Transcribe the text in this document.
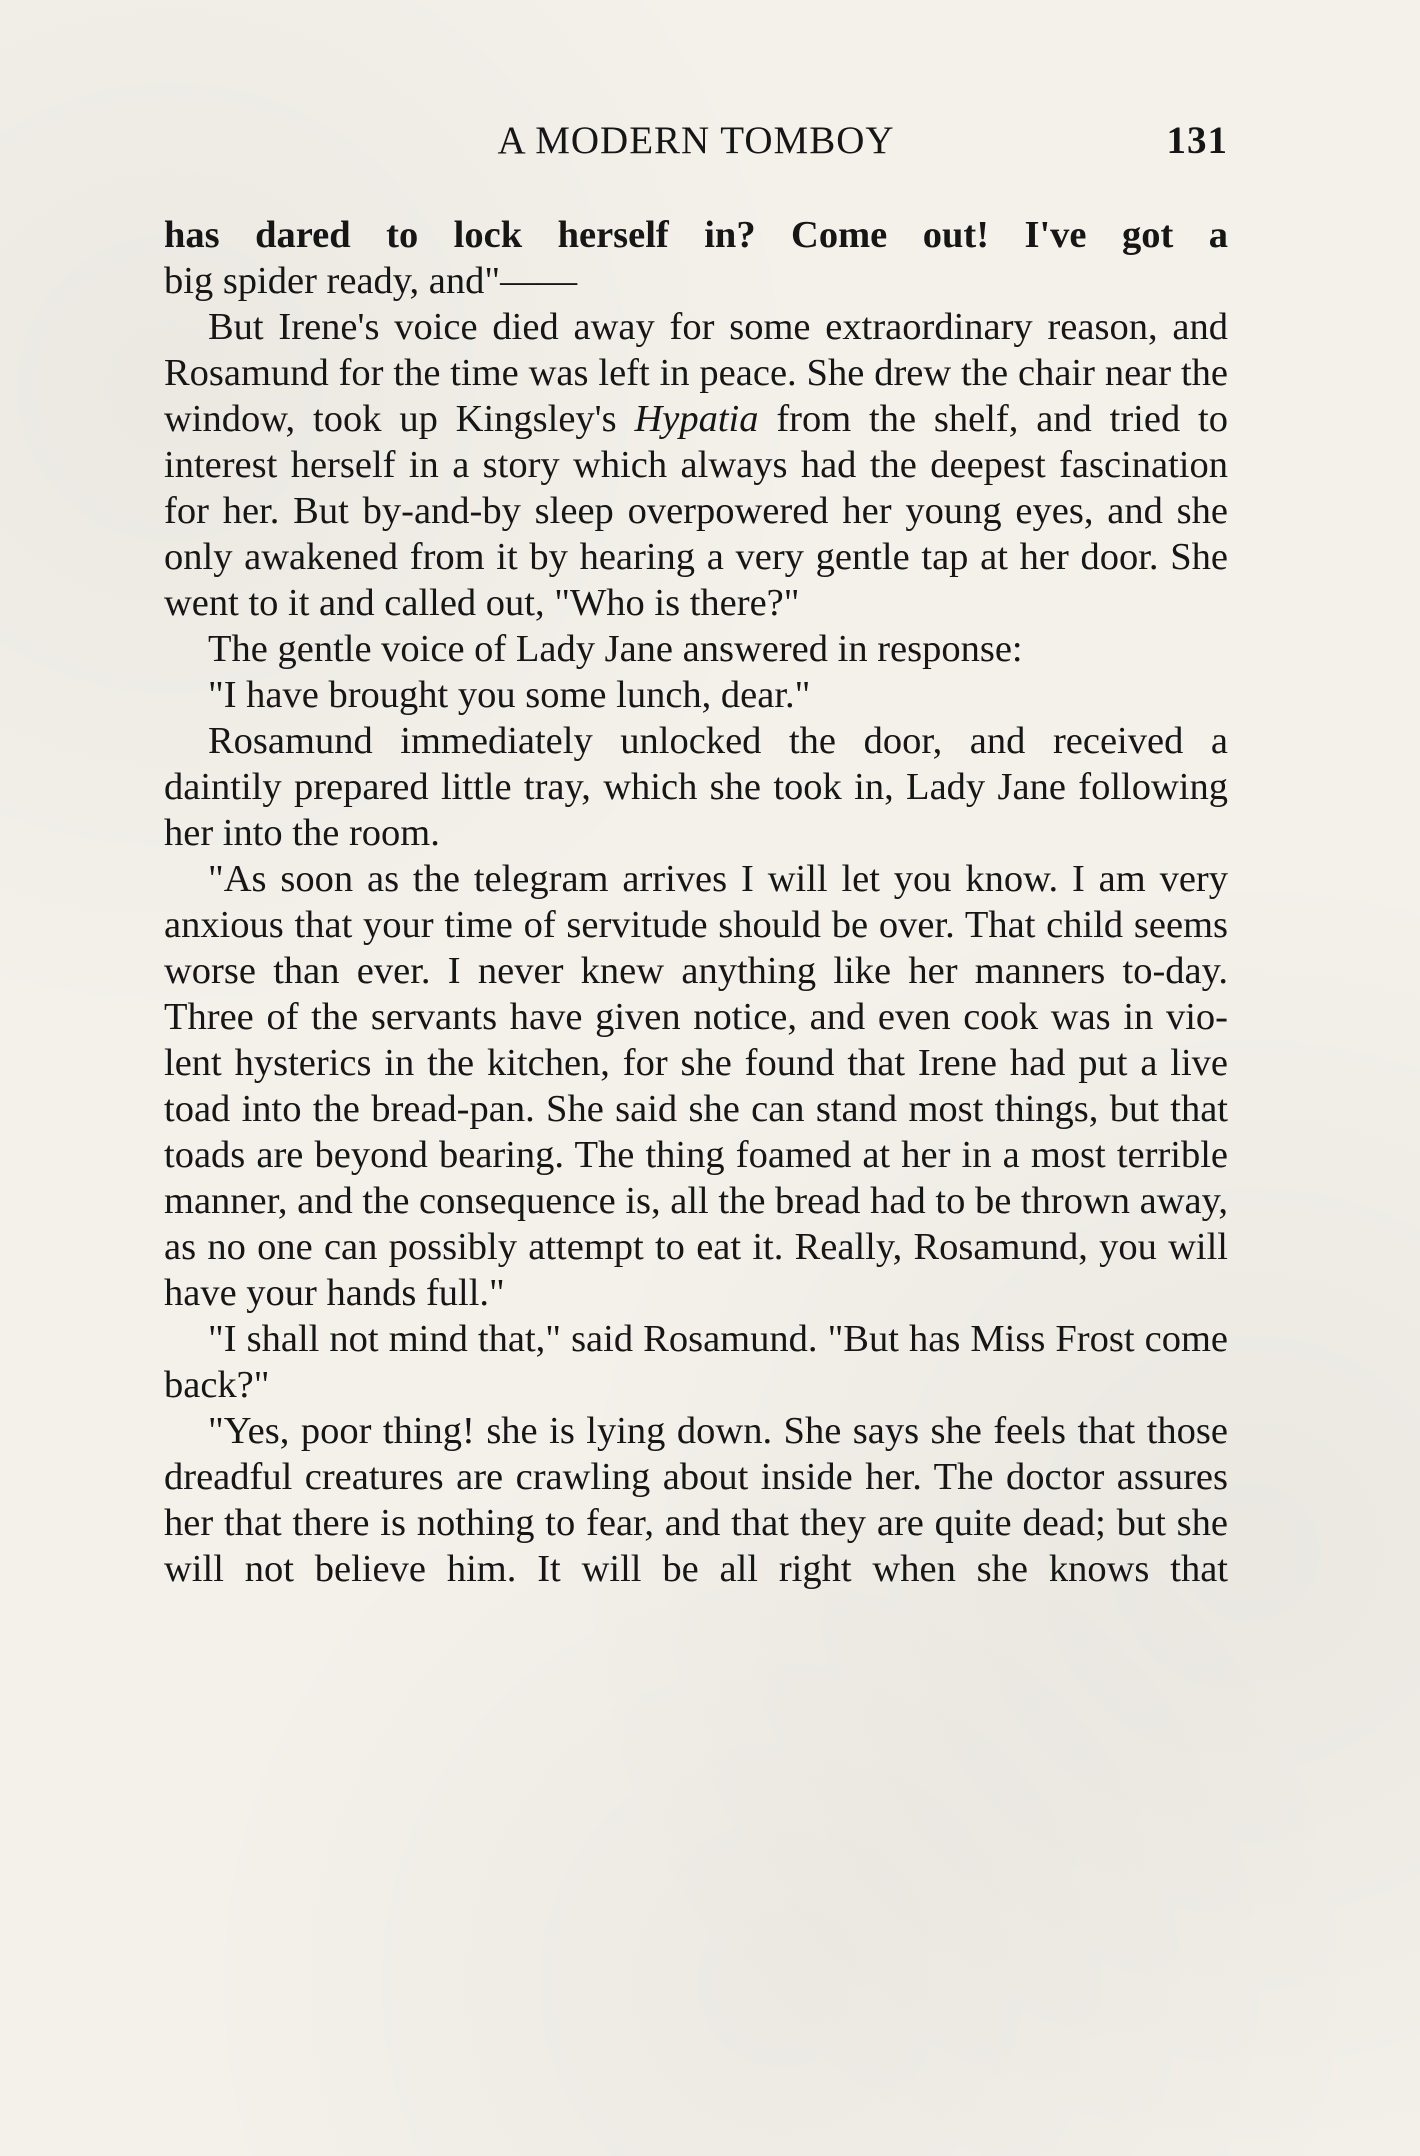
A MODERN TOMBOY	131

has dared to lock herself in? Come out! I've got a

big spider ready, and"——

But Irene's voice died away for some extraordinary reason, and Rosamund for the time was left in peace. She drew the chair near the window, took up Kingsley's Hypatia from the shelf, and tried to interest herself in a story which always had the deepest fascination for her. But by-and-by sleep overpowered her young eyes, and she only awakened from it by hearing a very gentle tap at her door. She went to it and called out, "Who is there?"

The gentle voice of Lady Jane answered in response:

"I have brought you some lunch, dear."

Rosamund immediately unlocked the door, and received a daintily prepared little tray, which she took in, Lady Jane following her into the room.

"As soon as the telegram arrives I will let you know. I am very anxious that your time of servitude should be over. That child seems worse than ever. I never knew anything like her manners to-day. Three of the servants have given notice, and even cook was in violent hysterics in the kitchen, for she found that Irene had put a live toad into the bread-pan. She said she can stand most things, but that toads are beyond bearing. The thing foamed at her in a most terrible manner, and the consequence is, all the bread had to be thrown away, as no one can possibly attempt to eat it. Really, Rosamund, you will have your hands full."

"I shall not mind that," said Rosamund. "But has Miss Frost come back?"

"Yes, poor thing! she is lying down. She says she feels that those dreadful creatures are crawling about inside her. The doctor assures her that there is nothing to fear, and that they are quite dead; but she will not believe him. It will be all right when she knows that
